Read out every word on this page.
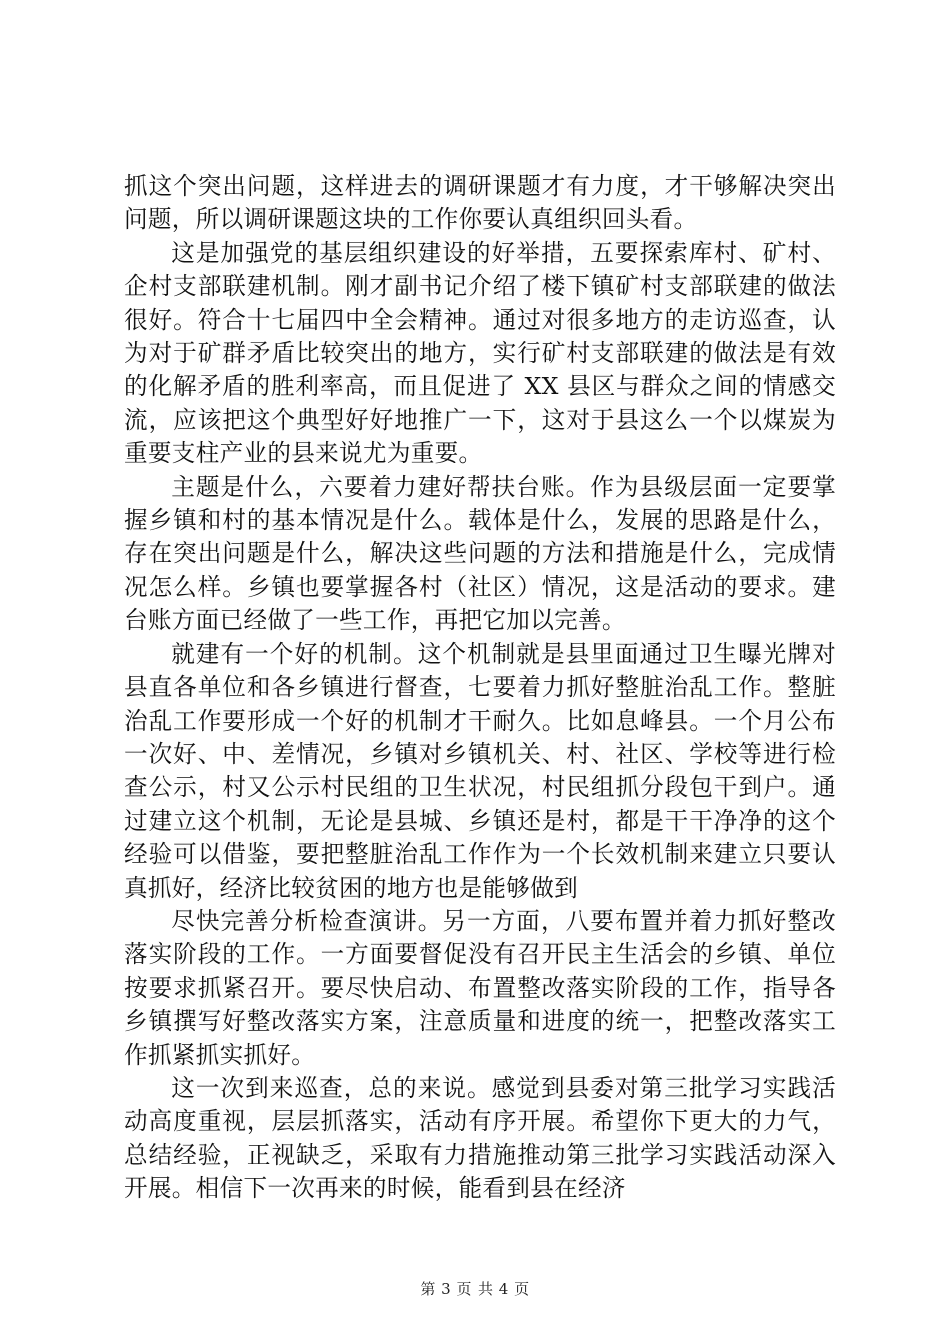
抓这个突出问题，这样进去的调研课题才有力度，才干够解决突出问题，所以调研课题这块的工作你要认真组织回头看。

这是加强党的基层组织建设的好举措，五要探索库村、矿村、企村支部联建机制。刚才副书记介绍了楼下镇矿村支部联建的做法很好。符合十七届四中全会精神。通过对很多地方的走访巡查，认为对于矿群矛盾比较突出的地方，实行矿村支部联建的做法是有效的化解矛盾的胜利率高，而且促进了 XX 县区与群众之间的情感交流，应该把这个典型好好地推广一下，这对于县这么一个以煤炭为重要支柱产业的县来说尤为重要。

主题是什么，六要着力建好帮扶台账。作为县级层面一定要掌握乡镇和村的基本情况是什么。载体是什么，发展的思路是什么，存在突出问题是什么，解决这些问题的方法和措施是什么，完成情况怎么样。乡镇也要掌握各村（社区）情况，这是活动的要求。建台账方面已经做了一些工作，再把它加以完善。

就建有一个好的机制。这个机制就是县里面通过卫生曝光牌对县直各单位和各乡镇进行督查，七要着力抓好整脏治乱工作。整脏治乱工作要形成一个好的机制才干耐久。比如息峰县。一个月公布一次好、中、差情况，乡镇对乡镇机关、村、社区、学校等进行检查公示，村又公示村民组的卫生状况，村民组抓分段包干到户。通过建立这个机制，无论是县城、乡镇还是村，都是干干净净的这个经验可以借鉴，要把整脏治乱工作作为一个长效机制来建立只要认真抓好，经济比较贫困的地方也是能够做到

尽快完善分析检查演讲。另一方面，八要布置并着力抓好整改落实阶段的工作。一方面要督促没有召开民主生活会的乡镇、单位按要求抓紧召开。要尽快启动、布置整改落实阶段的工作，指导各乡镇撰写好整改落实方案，注意质量和进度的统一，把整改落实工作抓紧抓实抓好。

这一次到来巡查，总的来说。感觉到县委对第三批学习实践活动高度重视，层层抓落实，活动有序开展。希望你下更大的力气，总结经验，正视缺乏，采取有力措施推动第三批学习实践活动深入开展。相信下一次再来的时候，能看到县在经济

第 3 页 共 4 页
